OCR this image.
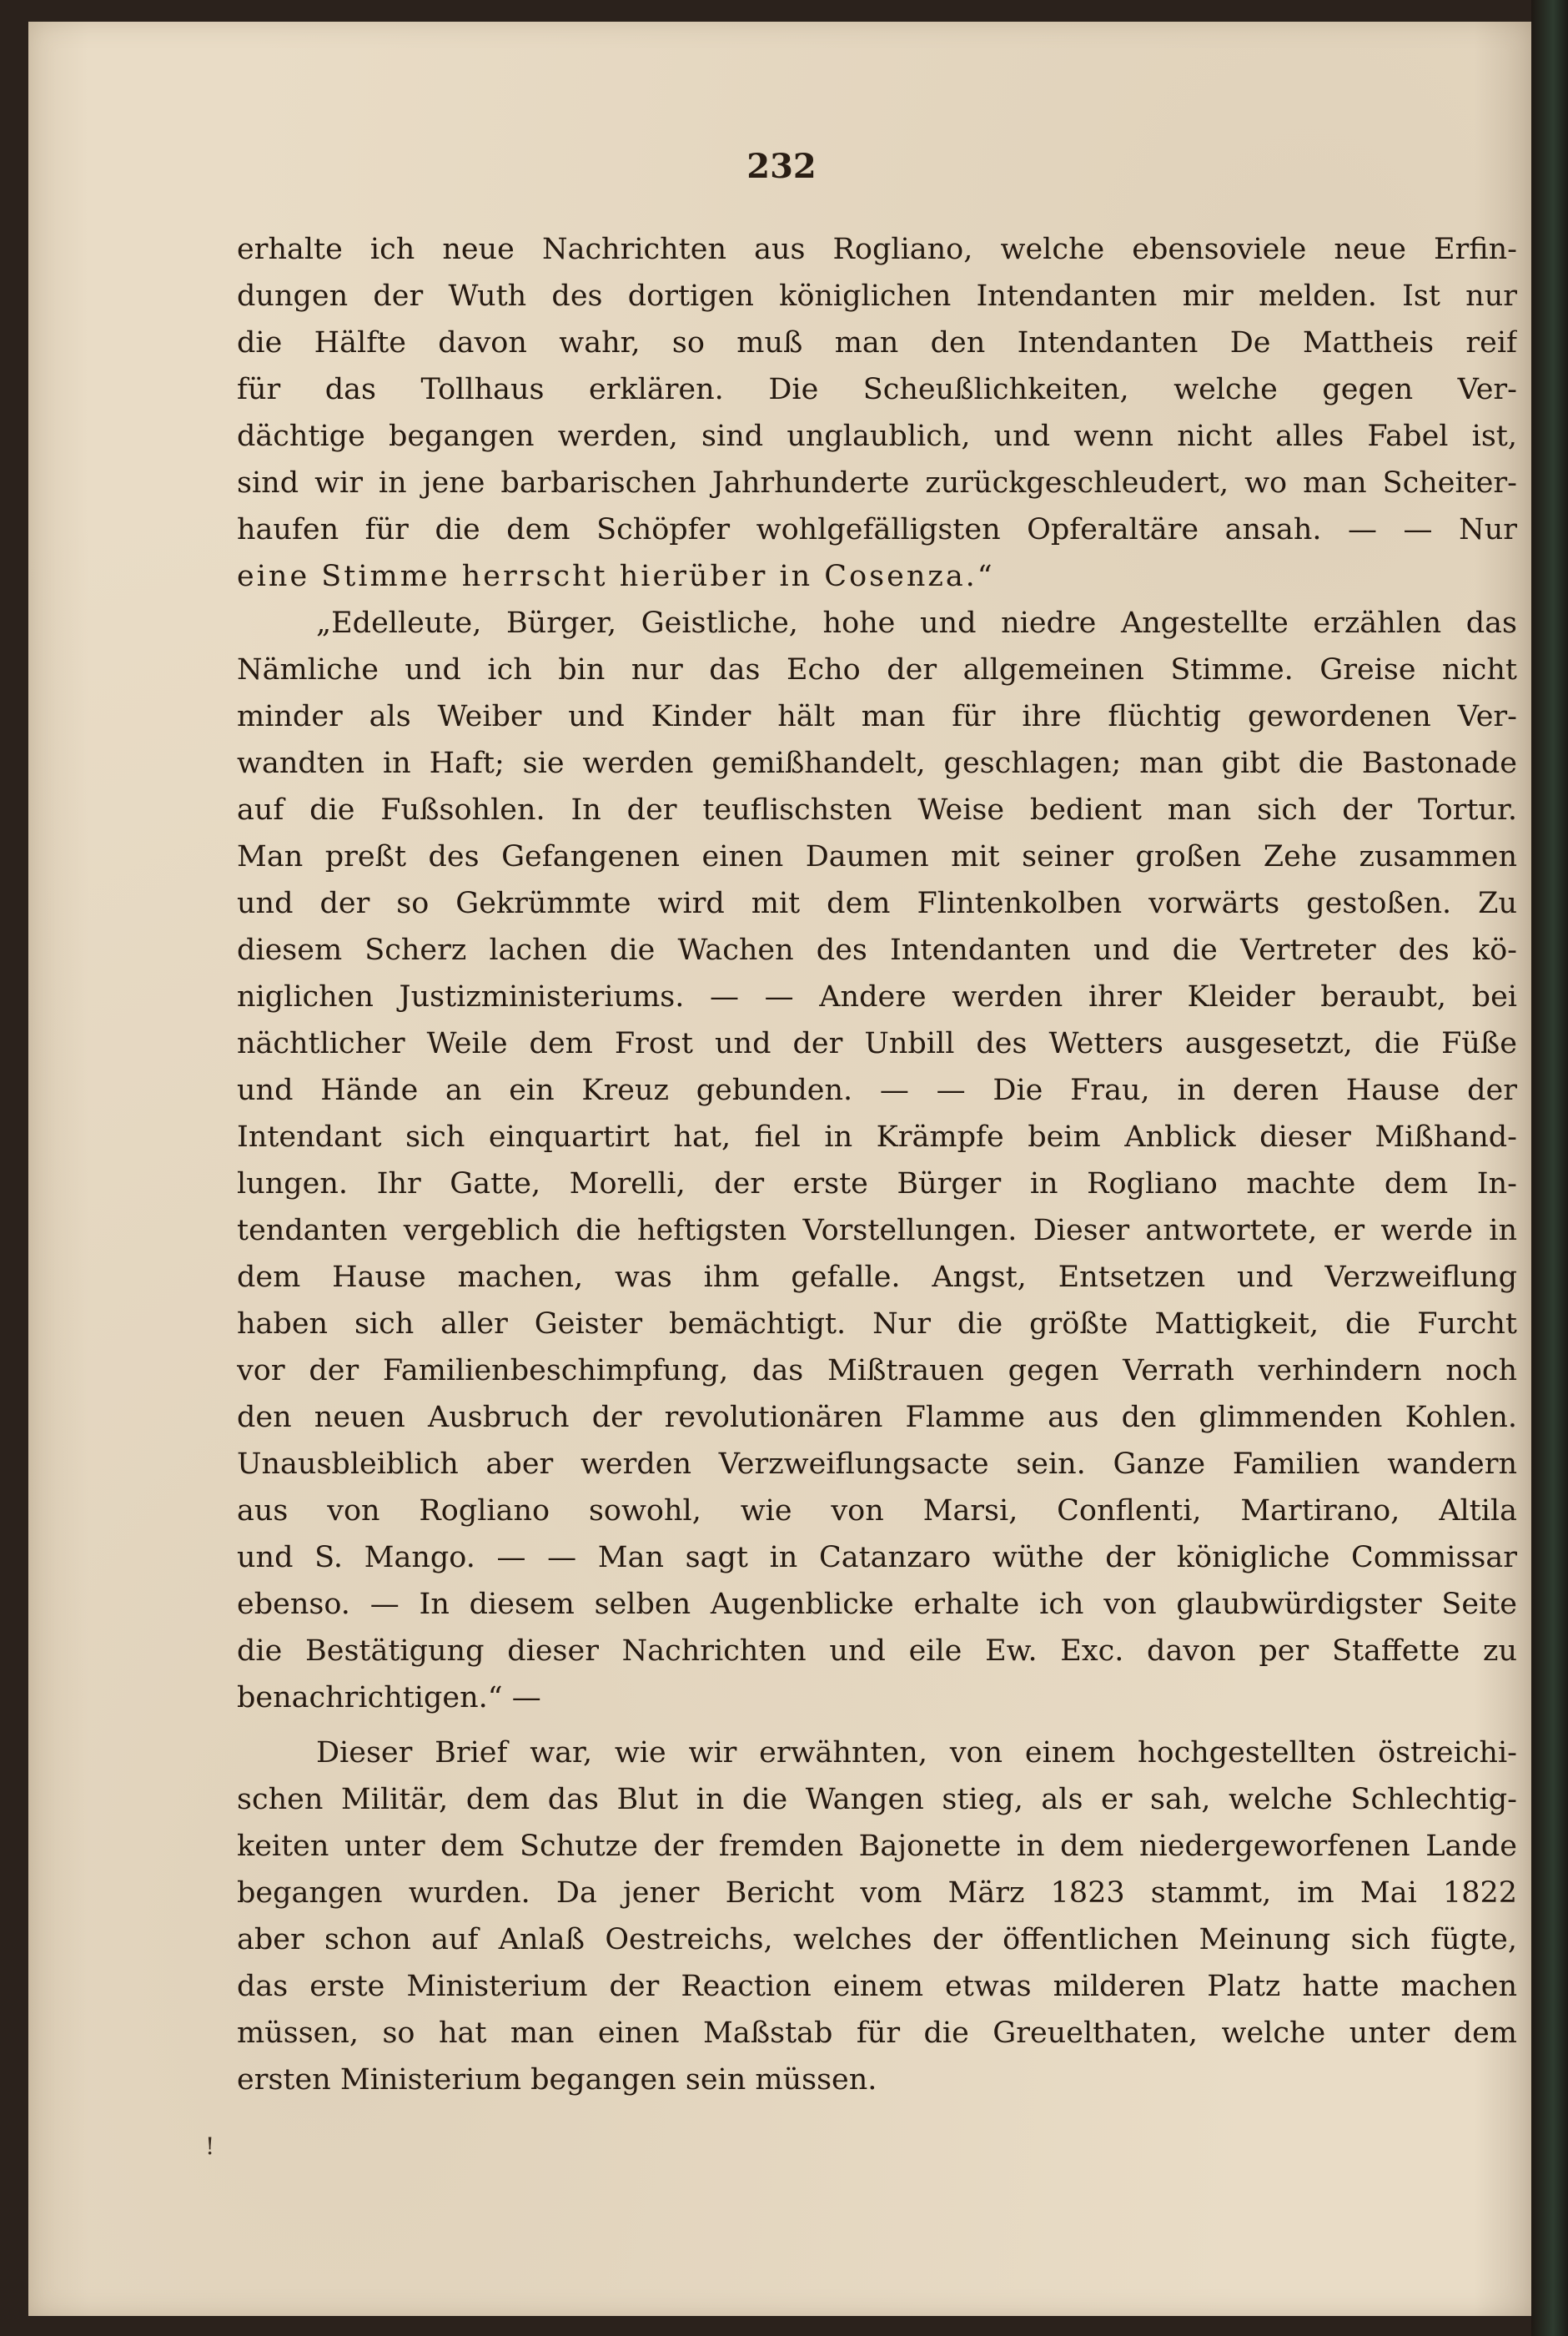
232
erhalte ich neue Nachrichten aus Rogliano, welche ebensoviele neue Erfin-
dungen der Wuth des dortigen königlichen Intendanten mir melden. Ist nur
die Hälfte davon wahr, so muß man den Intendanten De Mattheis reif
für das Tollhaus erklären. Die Scheußlichkeiten, welche gegen Ver-
dächtige begangen werden, sind unglaublich, und wenn nicht alles Fabel ist,
sind wir in jene barbarischen Jahrhunderte zurückgeschleudert, wo man Scheiter-
haufen für die dem Schöpfer wohlgefälligsten Opferaltäre ansah. — — Nur
eine Stimme herrscht hierüber in Cosenza.“
„Edelleute, Bürger, Geistliche, hohe und niedre Angestellte erzählen das
Nämliche und ich bin nur das Echo der allgemeinen Stimme. Greise nicht
minder als Weiber und Kinder hält man für ihre flüchtig gewordenen Ver-
wandten in Haft; sie werden gemißhandelt, geschlagen; man gibt die Bastonade
auf die Fußsohlen. In der teuflischsten Weise bedient man sich der Tortur.
Man preßt des Gefangenen einen Daumen mit seiner großen Zehe zusammen
und der so Gekrümmte wird mit dem Flintenkolben vorwärts gestoßen. Zu
diesem Scherz lachen die Wachen des Intendanten und die Vertreter des kö-
niglichen Justizministeriums. — — Andere werden ihrer Kleider beraubt, bei
nächtlicher Weile dem Frost und der Unbill des Wetters ausgesetzt, die Füße
und Hände an ein Kreuz gebunden. — — Die Frau, in deren Hause der
Intendant sich einquartirt hat, fiel in Krämpfe beim Anblick dieser Mißhand-
lungen. Ihr Gatte, Morelli, der erste Bürger in Rogliano machte dem In-
tendanten vergeblich die heftigsten Vorstellungen. Dieser antwortete, er werde in
dem Hause machen, was ihm gefalle. Angst, Entsetzen und Verzweiflung
haben sich aller Geister bemächtigt. Nur die größte Mattigkeit, die Furcht
vor der Familienbeschimpfung, das Mißtrauen gegen Verrath verhindern noch
den neuen Ausbruch der revolutionären Flamme aus den glimmenden Kohlen.
Unausbleiblich aber werden Verzweiflungsacte sein. Ganze Familien wandern
aus von Rogliano sowohl, wie von Marsi, Conflenti, Martirano, Altila
und S. Mango. — — Man sagt in Catanzaro wüthe der königliche Commissar
ebenso. — In diesem selben Augenblicke erhalte ich von glaubwürdigster Seite
die Bestätigung dieser Nachrichten und eile Ew. Exc. davon per Staffette zu
benachrichtigen.“ —
Dieser Brief war, wie wir erwähnten, von einem hochgestellten östreichi-
schen Militär, dem das Blut in die Wangen stieg, als er sah, welche Schlechtig-
keiten unter dem Schutze der fremden Bajonette in dem niedergeworfenen Lande
begangen wurden. Da jener Bericht vom März 1823 stammt, im Mai 1822
aber schon auf Anlaß Oestreichs, welches der öffentlichen Meinung sich fügte,
das erste Ministerium der Reaction einem etwas milderen Platz hatte machen
müssen, so hat man einen Maßstab für die Greuelthaten, welche unter dem
ersten Ministerium begangen sein müssen.
!
